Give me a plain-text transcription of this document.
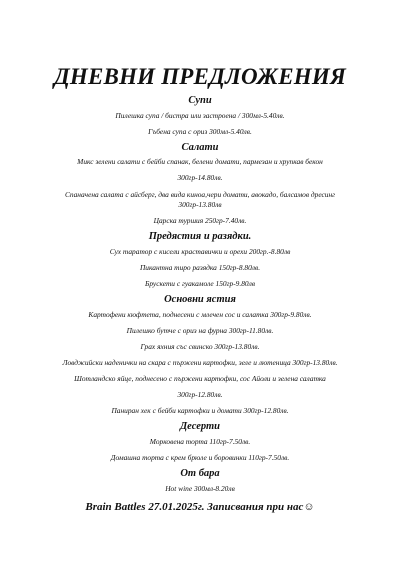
ДНЕВНИ ПРЕДЛОЖЕНИЯ
Супи
Пилешка супа / бистра или застроена / 300мл-5.40лв.
Гъбена супа с ориз 300мл-5.40лв.
Салати
Микс зелени салати с бейби спанак, белени домати, пармезан и хрупкав бекон
300гр-14.80лв.
Спаначена салата с айсберг, два вида киноа,чери домати, авокадо, балсамов дресинг
300гр-13.80лв
Царска туршия 250гр-7.40лв.
Предястия и разядки.
Сух таратор с кисели краставички и орехи 200гр.-8.80лв
Пикантна тиро разядка 150гр-8.80лв.
Брускети с гуакамоле 150гр-9.80лв
Основни ястия
Картофени кюфтета, поднесени с млечен сос и салатка 300гр-9.80лв.
Пилешко бутче с ориз на фурна 300гр-11.80лв.
Грах яхния със свинско 300гр-13.80лв.
Ловджийски наденички на скара с пържени картофки, зеле и лютеница 300гр-13.80лв.
Шотландско яйце, поднесено с пържени картофки, сос Айоли и зелена салатка
300гр-12.80лв.
Паниран хек с бейби картофки и домати 300гр-12.80лв.
Десерти
Морковена торта 110гр-7.50лв.
Домашна торта с крем брюле и боровинки 110гр-7.50лв.
От бара
Hot wine 300мл-8.20лв
Brain Battles 27.01.2025г. Записвания при нас☺
